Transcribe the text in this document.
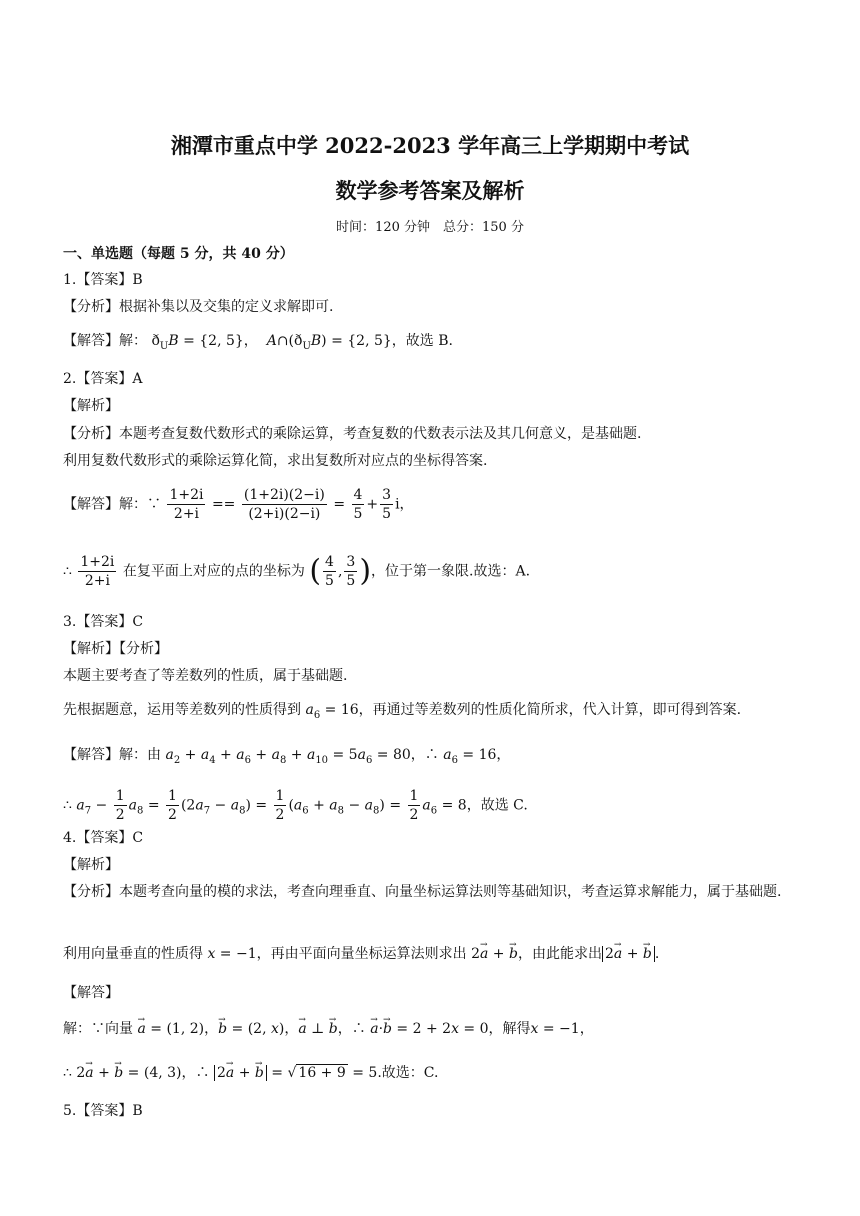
湘潭市重点中学 2022-2023 学年高三上学期期中考试
数学参考答案及解析
时间：120 分钟　总分：150 分
一、单选题（每题 5 分，共 40 分）
1.【答案】B
【分析】根据补集以及交集的定义求解即可.
【解答】解： $ð_UB = \{2$, 5}，  $A\cap(ð_UB) = \{2$, 5}，故选 B.
2.【答案】A
【解析】
【分析】本题考查复数代数形式的乘除运算，考查复数的代数表示法及其几何意义，是基础题.
利用复数代数形式的乘除运算化简，求出复数所对应点的坐标得答案.
【解答】解：∵ $\frac{1+2i}{2+i} == \frac{(1+2i)(2-i)}{(2+i)(2-i)} = \frac{4}{5} + \frac{3}{5}$ i，
∴ $\frac{1+2i}{2+i}$ 在复平面上对应的点的坐标为 ( $\frac{4}{5}$ , $\frac{3}{5}$ )，位于第一象限.故选：A.
3.【答案】C
【解析】【分析】
本题主要考查了等差数列的性质，属于基础题.
先根据题意，运用等差数列的性质得到 $a_6 = 16$，再通过等差数列的性质化简所求，代入计算，即可得到答案.
【解答】解：由 $a_2 + a_4 + a_6 + a_8 + a_{10} = 5a_6 = 80$，∴ $a_6 = 16$，
∴ $a_7 - \frac{1}{2} a_8 = \frac{1}{2} (2a_7 - a_8) = \frac{1}{2} (a_6 + a_8 - a_8) = \frac{1}{2} a_6 = 8$，故选 C.
4.【答案】C
【解析】
【分析】本题考查向量的模的求法，考查向理垂直、向量坐标运算法则等基础知识，考查运算求解能力，属于基础题.
利用向量垂直的性质得 x = −1，再由平面向量坐标运算法则求出 2→ a + → b，由此能求出 2→ a + → b .
【解答】
解：∵向量 → a = (1, 2)，→ b = (2, x)，→ a ⊥ → b，∴ → a·→ b = 2 + 2x = 0，解得x = −1，
∴ 2→ a + → b = (4, 3)，∴ 2→ a + → b = √ 16 + 9 = 5.故选：C.
5.【答案】B
